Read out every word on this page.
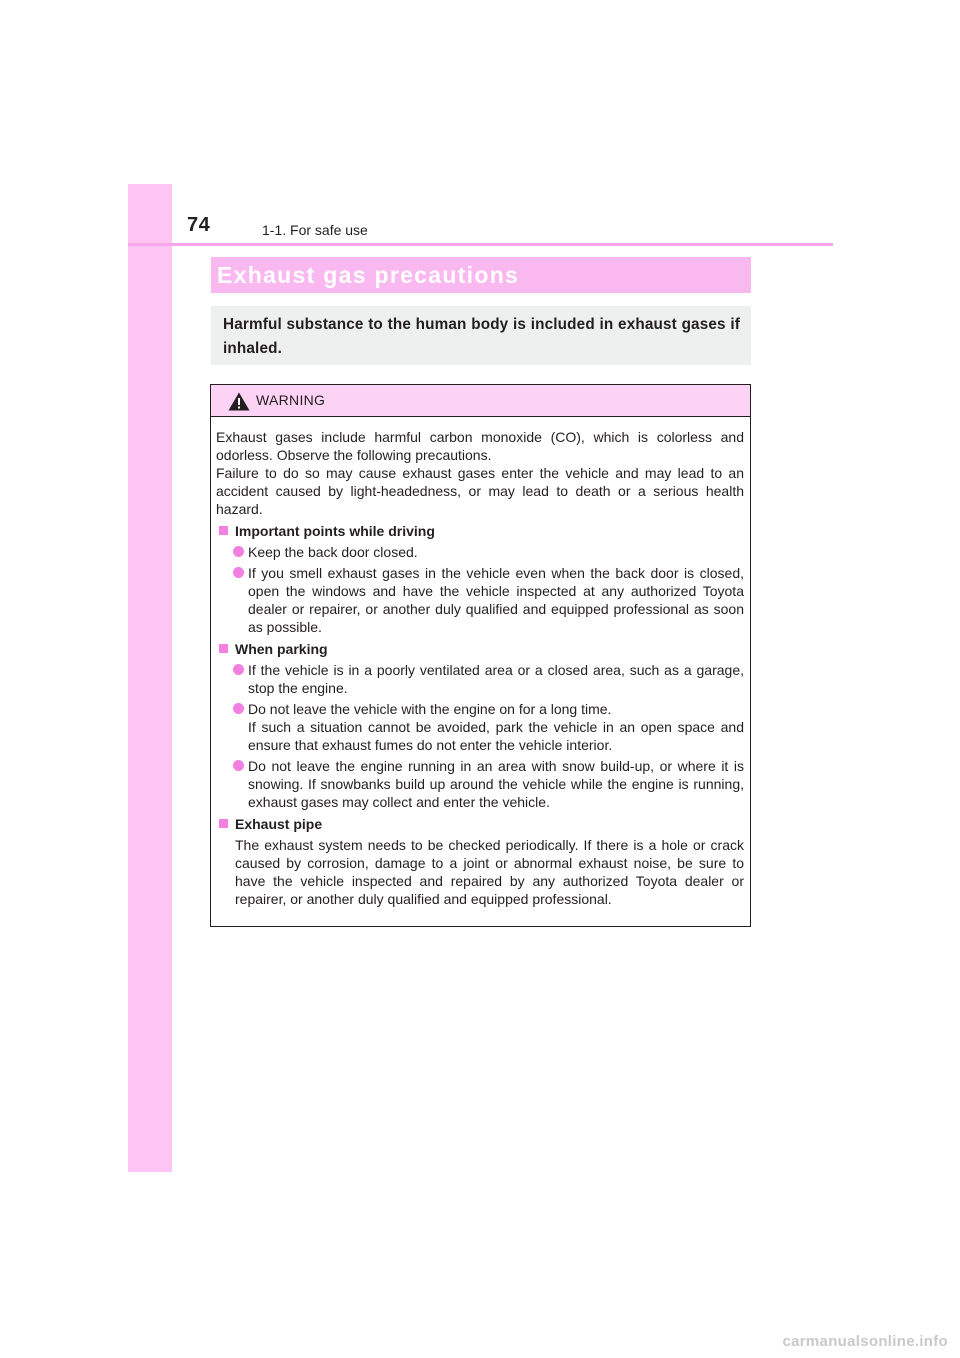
74	1-1. For safe use
Exhaust gas precautions

Harmful substance to the human body is included in exhaust gases if inhaled.

WARNING

Exhaust gases include harmful carbon monoxide (CO), which is colorless and odorless. Observe the following precautions.

Failure to do so may cause exhaust gases enter the vehicle and may lead to an accident caused by light-headedness, or may lead to death or a serious health hazard.

Important points while driving

Keep the back door closed.

If you smell exhaust gases in the vehicle even when the back door is closed, open the windows and have the vehicle inspected at any authorized Toyota dealer or repairer, or another duly qualified and equipped professional as soon as possible.

When parking

If the vehicle is in a poorly ventilated area or a closed area, such as a garage, stop the engine.

Do not leave the vehicle with the engine on for a long time.

If such a situation cannot be avoided, park the vehicle in an open space and ensure that exhaust fumes do not enter the vehicle interior.

Do not leave the engine running in an area with snow build-up, or where it is snowing. If snowbanks build up around the vehicle while the engine is running, exhaust gases may collect and enter the vehicle.

Exhaust pipe

The exhaust system needs to be checked periodically. If there is a hole or crack caused by corrosion, damage to a joint or abnormal exhaust noise, be sure to have the vehicle inspected and repaired by any authorized Toyota dealer or repairer, or another duly qualified and equipped professional.

carmanualsonline.info
